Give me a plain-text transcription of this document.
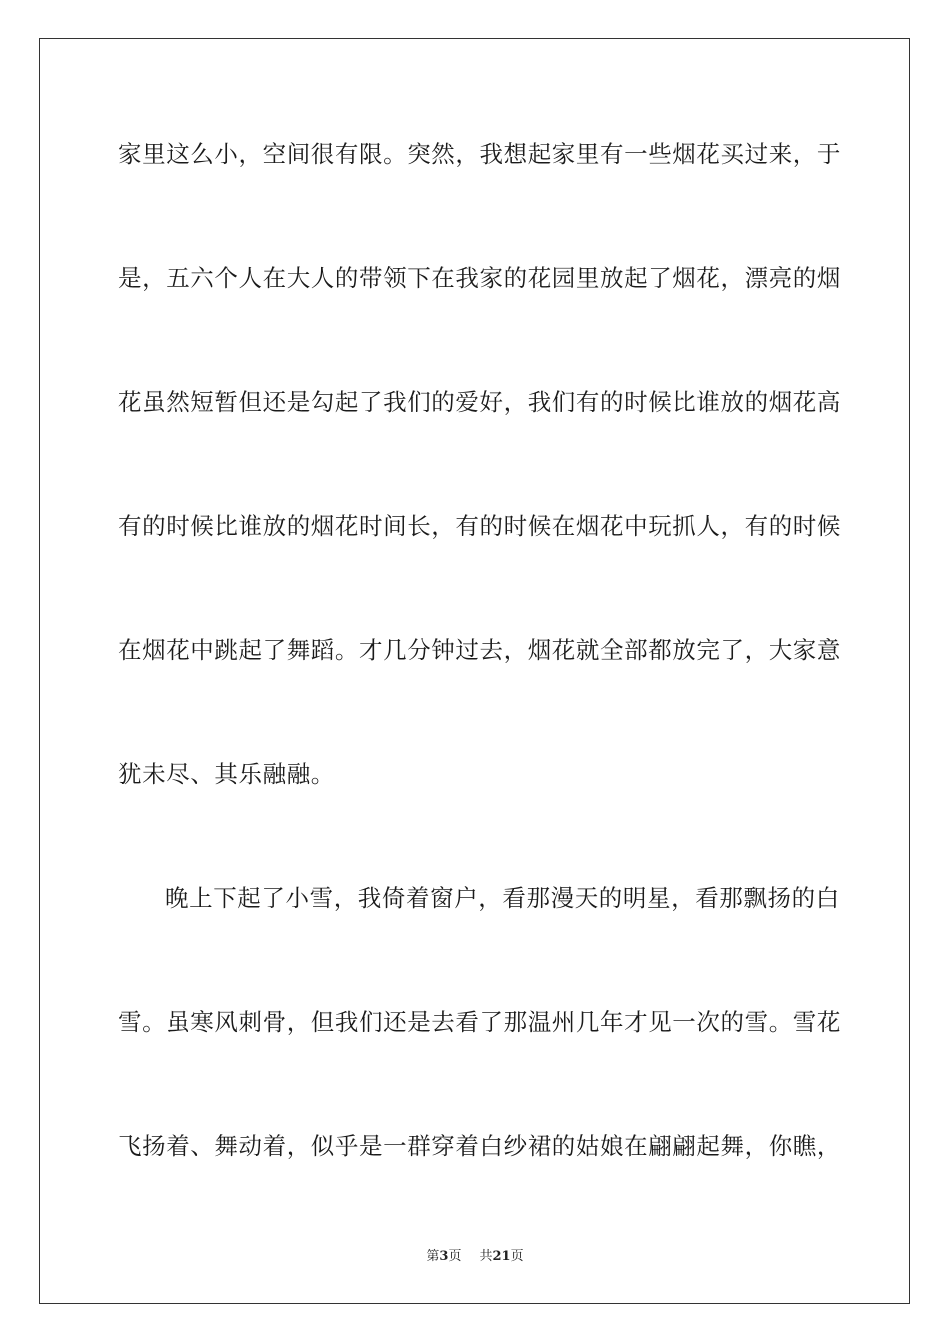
家里这么小，空间很有限。突然，我想起家里有一些烟花买过来，于
是，五六个人在大人的带领下在我家的花园里放起了烟花，漂亮的烟
花虽然短暂但还是勾起了我们的爱好，我们有的时候比谁放的烟花高
有的时候比谁放的烟花时间长，有的时候在烟花中玩抓人，有的时候
在烟花中跳起了舞蹈。才几分钟过去，烟花就全部都放完了，大家意
犹未尽、其乐融融。
晚上下起了小雪，我倚着窗户，看那漫天的明星，看那飘扬的白
雪。虽寒风刺骨，但我们还是去看了那温州几年才见一次的雪。雪花
飞扬着、舞动着，似乎是一群穿着白纱裙的姑娘在翩翩起舞，你瞧，
第3页 共21页
